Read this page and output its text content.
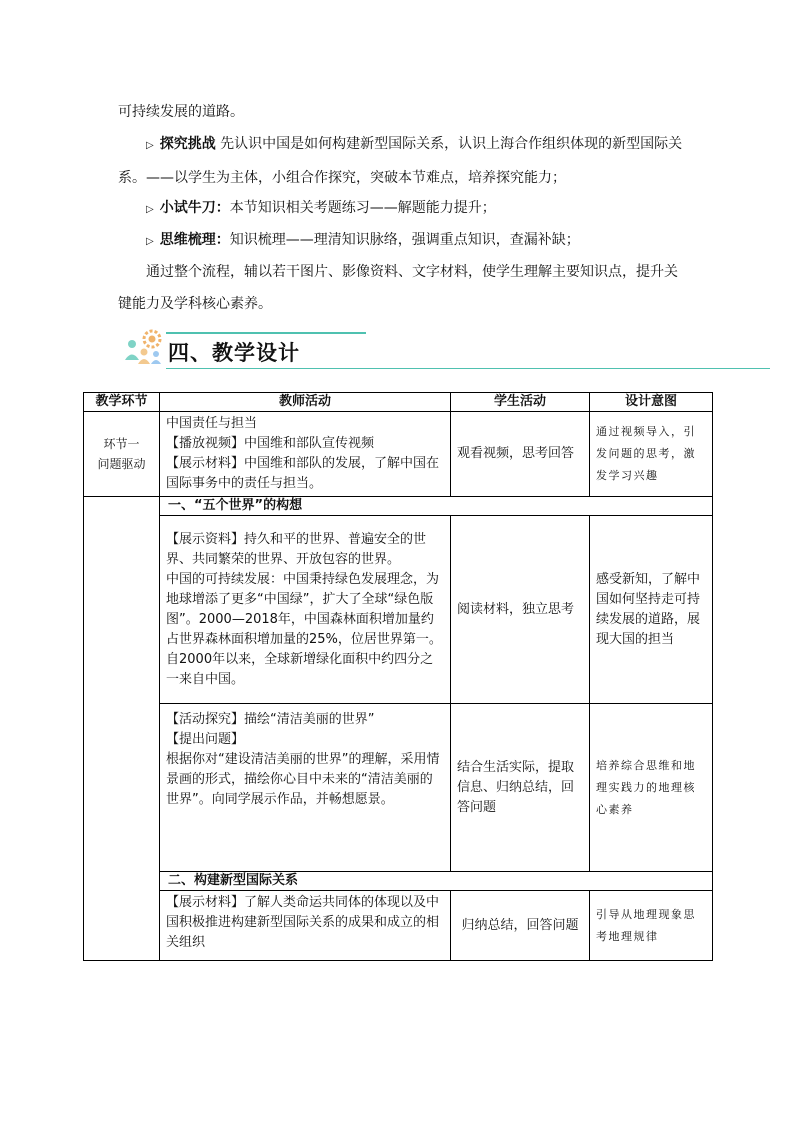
可持续发展的道路。
▷ 探究挑战 先认识中国是如何构建新型国际关系，认识上海合作组织体现的新型国际关系。——以学生为主体，小组合作探究，突破本节难点，培养探究能力；
▷ 小试牛刀：本节知识相关考题练习——解题能力提升；
▷ 思维梳理：知识梳理——理清知识脉络，强调重点知识，查漏补缺；
通过整个流程，辅以若干图片、影像资料、文字材料，使学生理解主要知识点，提升关键能力及学科核心素养。
四、教学设计
教学环节	教师活动	学生活动	设计意图

环节一
问题驱动	中国责任与担当
【播放视频】中国维和部队宣传视频
【展示材料】中国维和部队的发展，了解中国在国际事务中的责任与担当。	观看视频，思考回答	通过视频导入，引发问题的思考，激发学习兴趣
	一、“五个世界”的构想		

	【展示资料】持久和平的世界、普遍安全的世界、共同繁荣的世界、开放包容的世界。
中国的可持续发展：中国秉持绿色发展理念，为地球增添了更多“中国绿”，扩大了全球“绿色版图”。2000—2018年，中国森林面积增加量约占世界森林面积增加量的25%，位居世界第一。
自2000年以来，全球新增绿化面积中约四分之一来自中国。	阅读材料，独立思考	感受新知，了解中国如何坚持走可持续发展的道路，展现大国的担当

	【活动探究】描绘“清洁美丽的世界”
【提出问题】
根据你对“建设清洁美丽的世界”的理解，采用情景画的形式，描绘你心目中未来的“清洁美丽的世界”。向同学展示作品，并畅想愿景。	结合生活实际，提取信息、归纳总结，回答问题	培养综合思维和地理实践力的地理核心素养
	二、构建新型国际关系		
	【展示材料】了解人类命运共同体的体现以及中国积极推进构建新型国际关系的成果和成立的相关组织	归纳总结，回答问题	引导从地理现象思考地理规律
